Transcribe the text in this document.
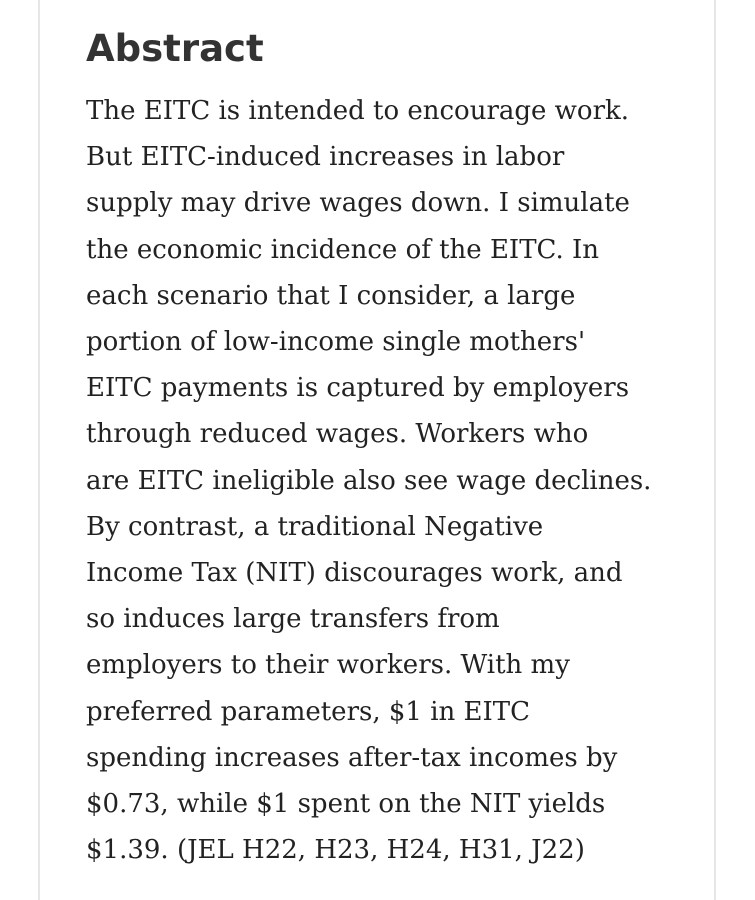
Abstract
The EITC is intended to encourage work.
But EITC-induced increases in labor
supply may drive wages down. I simulate
the economic incidence of the EITC. In
each scenario that I consider, a large
portion of low-income single mothers'
EITC payments is captured by employers
through reduced wages. Workers who
are EITC ineligible also see wage declines.
By contrast, a traditional Negative
Income Tax (NIT) discourages work, and
so induces large transfers from
employers to their workers. With my
preferred parameters, $1 in EITC
spending increases after-tax incomes by
$0.73, while $1 spent on the NIT yields
$1.39. (JEL H22, H23, H24, H31, J22)
